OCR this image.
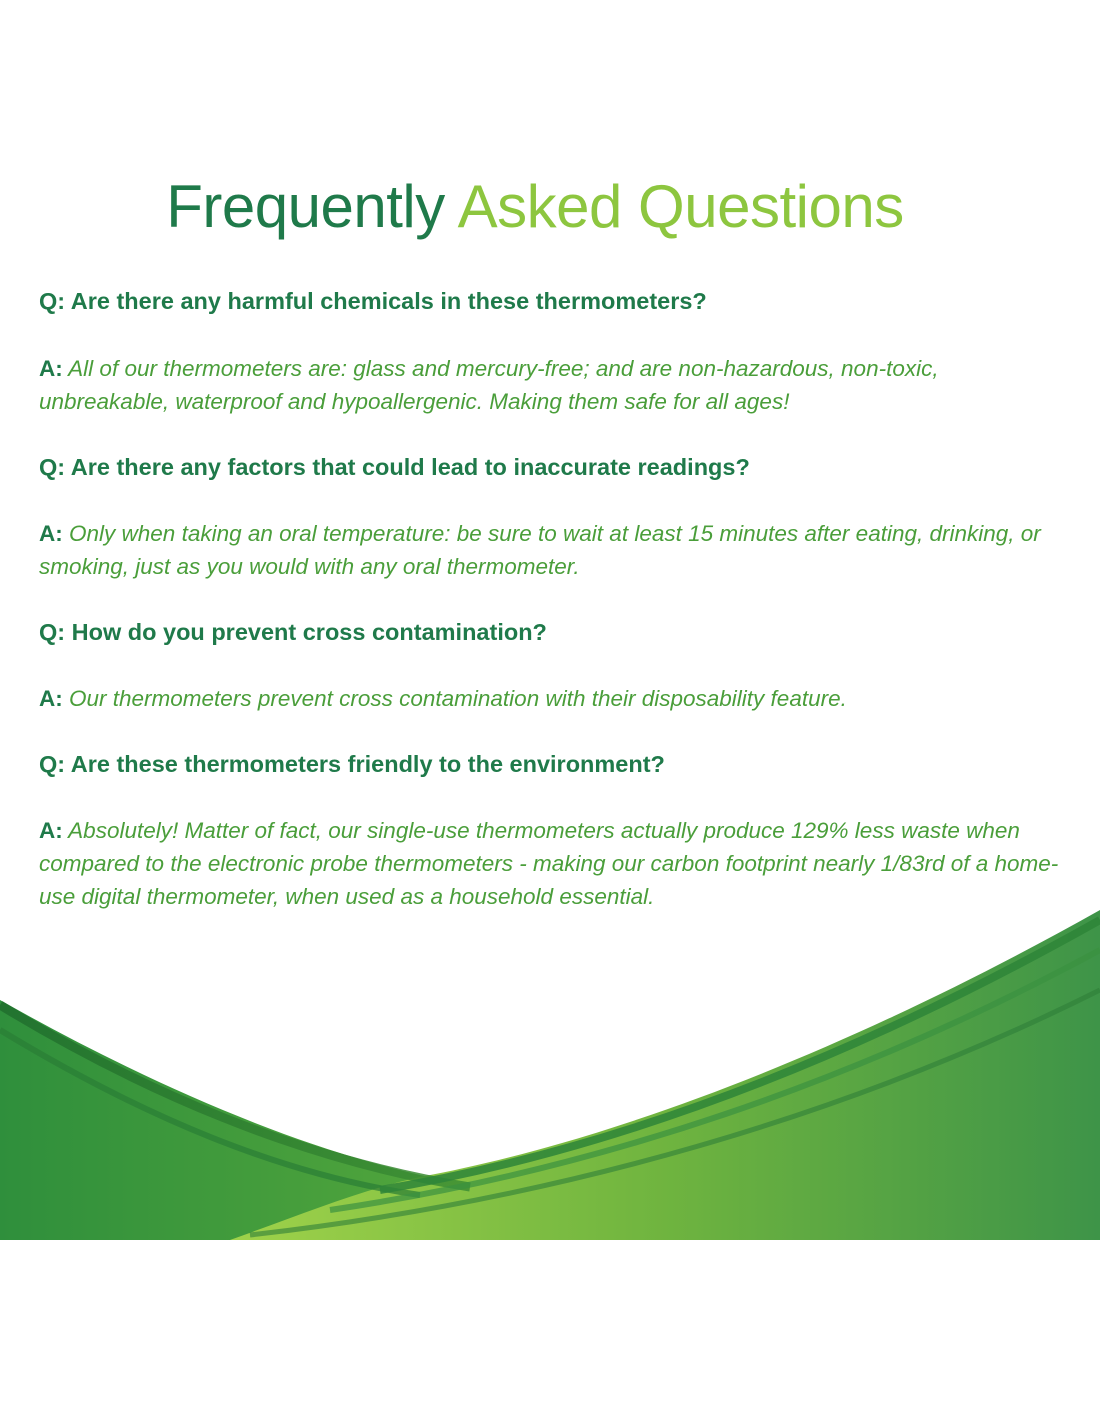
Frequently Asked Questions

Q: Are there any harmful chemicals in these thermometers?

A: All of our thermometers are: glass and mercury-free; and are non-hazardous, non-toxic, unbreakable, waterproof and hypoallergenic. Making them safe for all ages!

Q: Are there any factors that could lead to inaccurate readings?

A: Only when taking an oral temperature: be sure to wait at least 15 minutes after eating, drinking, or smoking, just as you would with any oral thermometer.

Q: How do you prevent cross contamination?

A: Our thermometers prevent cross contamination with their disposability feature.

Q: Are these thermometers friendly to the environment?

A: Absolutely! Matter of fact, our single-use thermometers actually produce 129% less waste when compared to the electronic probe thermometers - making our carbon footprint nearly 1/83rd of a home-use digital thermometer, when used as a household essential.
